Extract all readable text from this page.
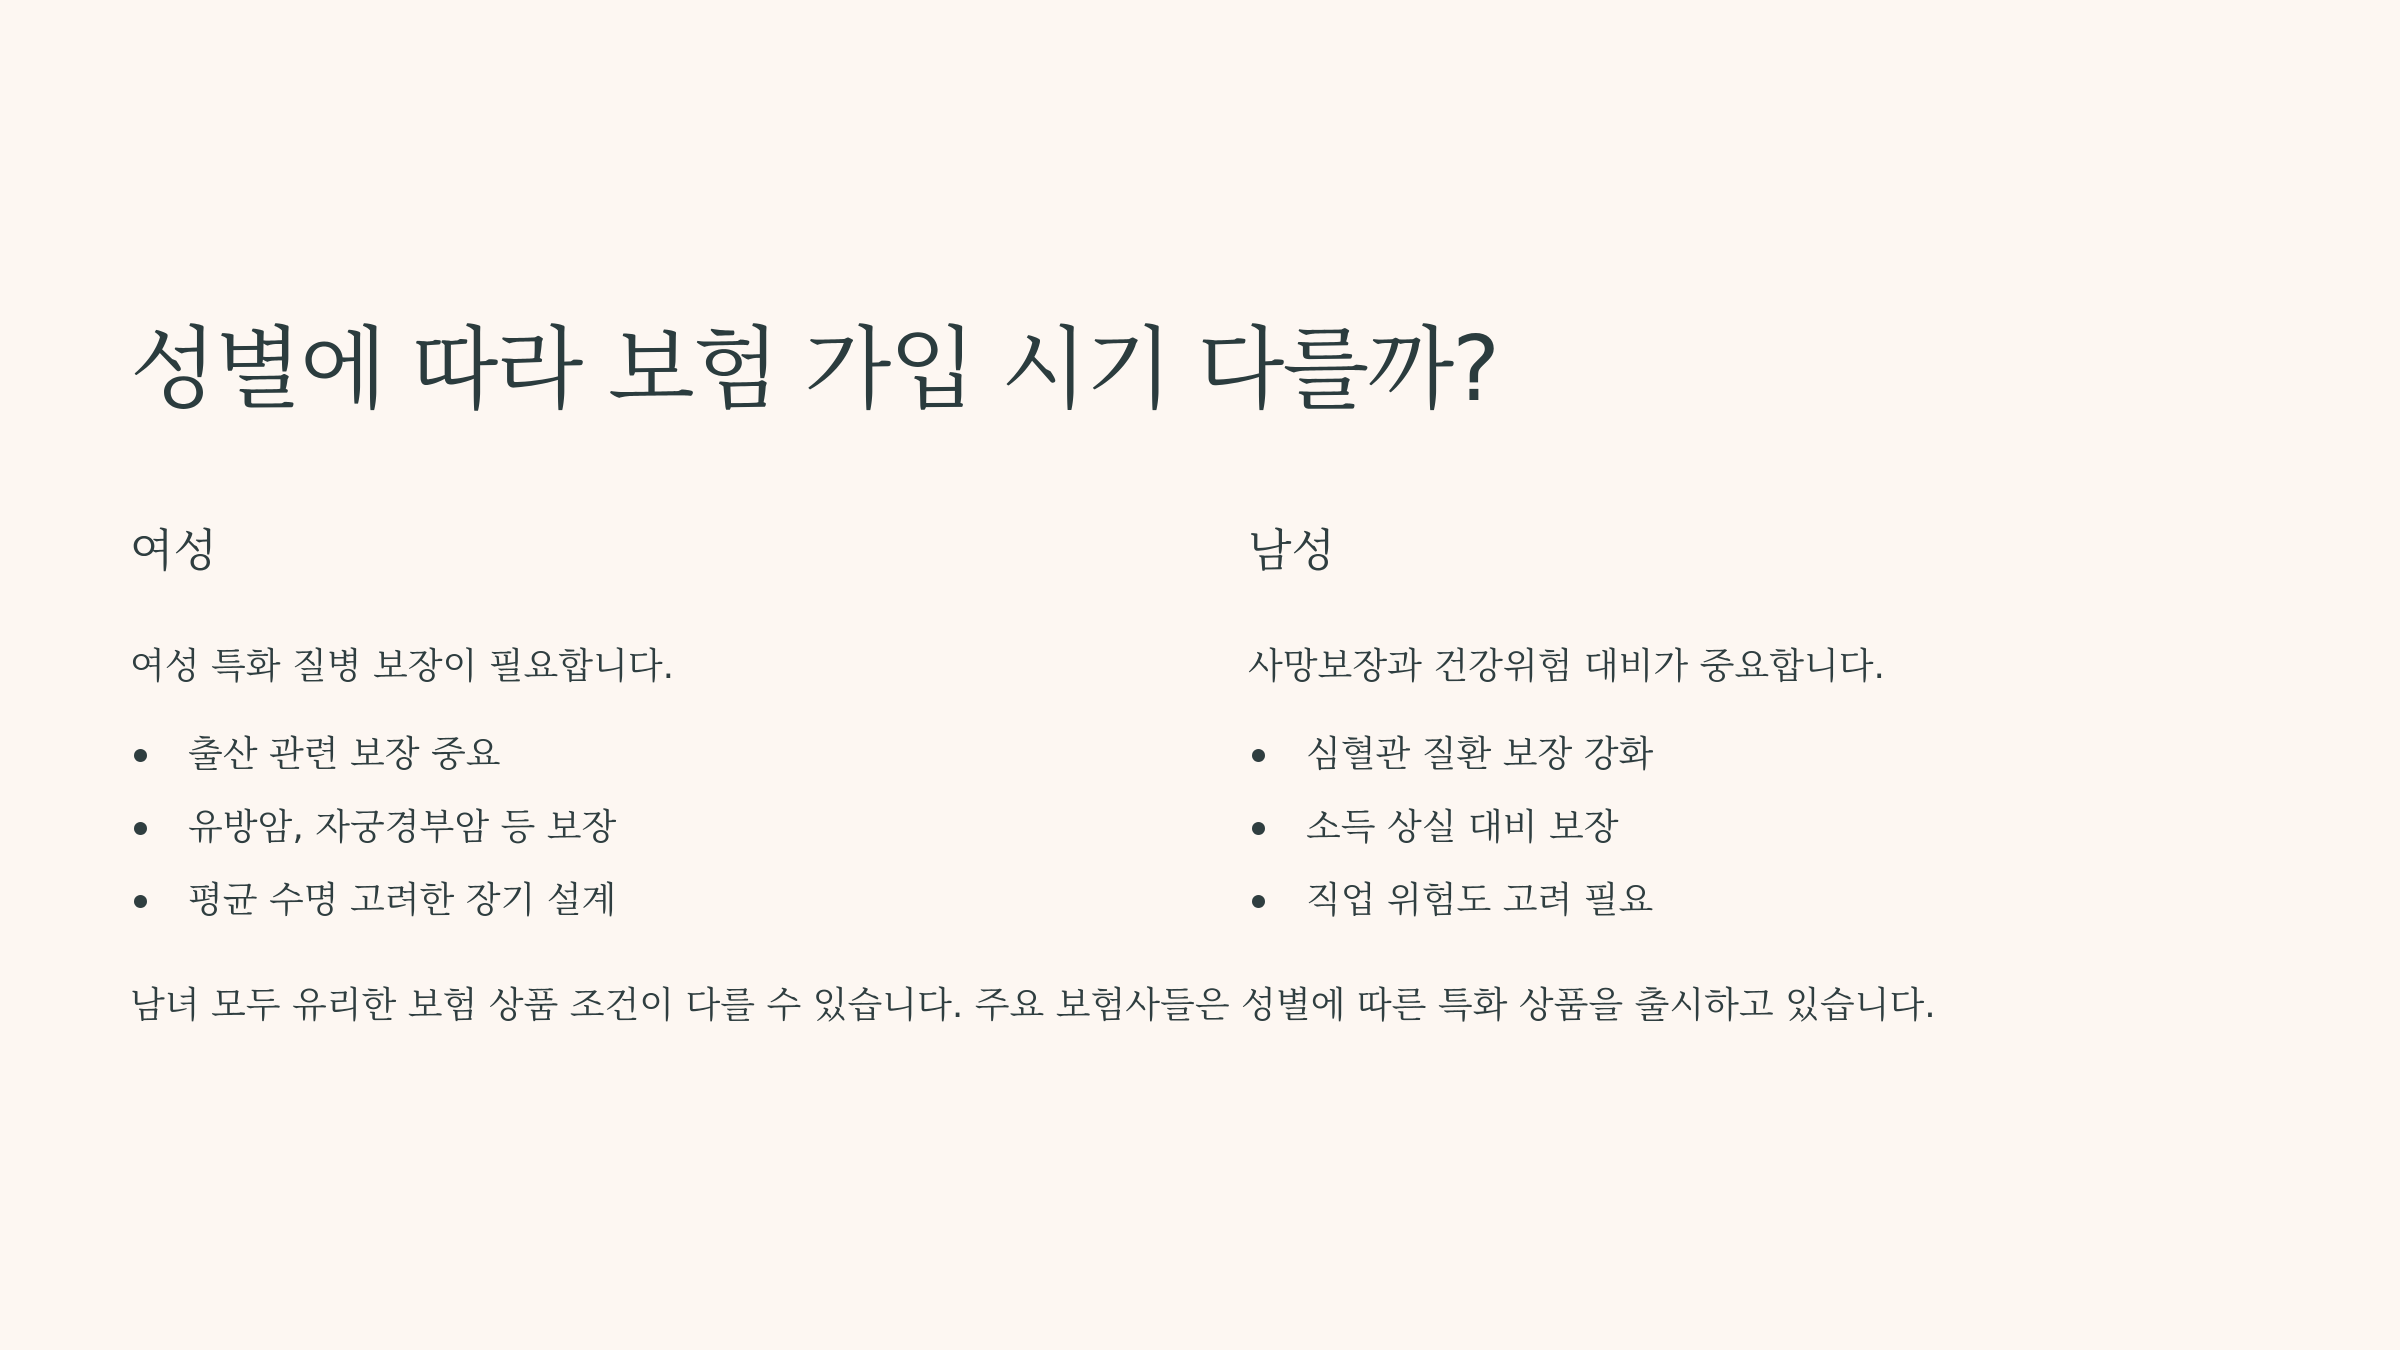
성별에 따라 보험 가입 시기 다를까?
여성

여성 특화 질병 보장이 필요합니다.

출산 관련 보장 중요
유방암, 자궁경부암 등 보장
평균 수명 고려한 장기 설계
남성

사망보장과 건강위험 대비가 중요합니다.

심혈관 질환 보장 강화
소득 상실 대비 보장
직업 위험도 고려 필요

남녀 모두 유리한 보험 상품 조건이 다를 수 있습니다. 주요 보험사들은 성별에 따른 특화 상품을 출시하고 있습니다.
